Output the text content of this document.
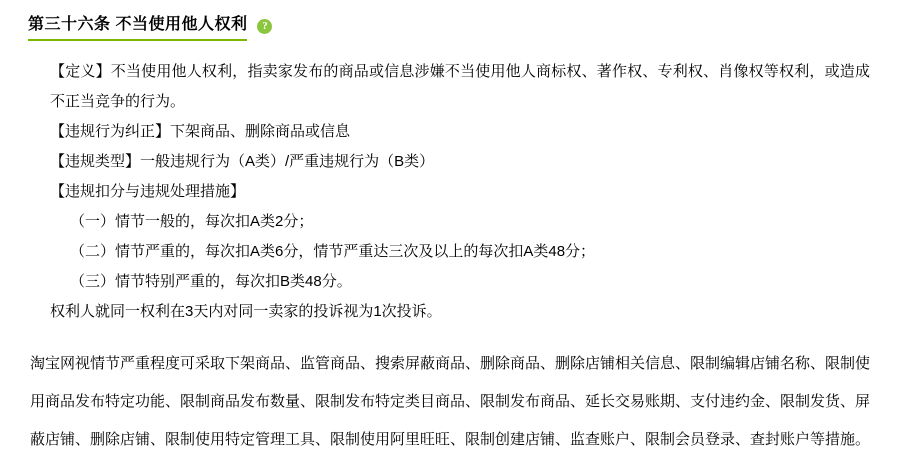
第三十六条 不当使用他人权利	?

【定义】不当使用他人权利，指卖家发布的商品或信息涉嫌不当使用他人商标权、著作权、专利权、肖像权等权利，或造成不正当竞争的行为。

【违规行为纠正】下架商品、删除商品或信息

【违规类型】一般违规行为（A类）/严重违规行为（B类）

【违规扣分与违规处理措施】

（一）情节一般的，每次扣A类2分；

（二）情节严重的，每次扣A类6分，情节严重达三次及以上的每次扣A类48分；

（三）情节特别严重的，每次扣B类48分。

权利人就同一权利在3天内对同一卖家的投诉视为1次投诉。

淘宝网视情节严重程度可采取下架商品、监管商品、搜索屏蔽商品、删除商品、删除店铺相关信息、限制编辑店铺名称、限制使用商品发布特定功能、限制商品发布数量、限制发布特定类目商品、限制发布商品、延长交易账期、支付违约金、限制发货、屏蔽店铺、删除店铺、限制使用特定管理工具、限制使用阿里旺旺、限制创建店铺、监查账户、限制会员登录、查封账户等措施。
